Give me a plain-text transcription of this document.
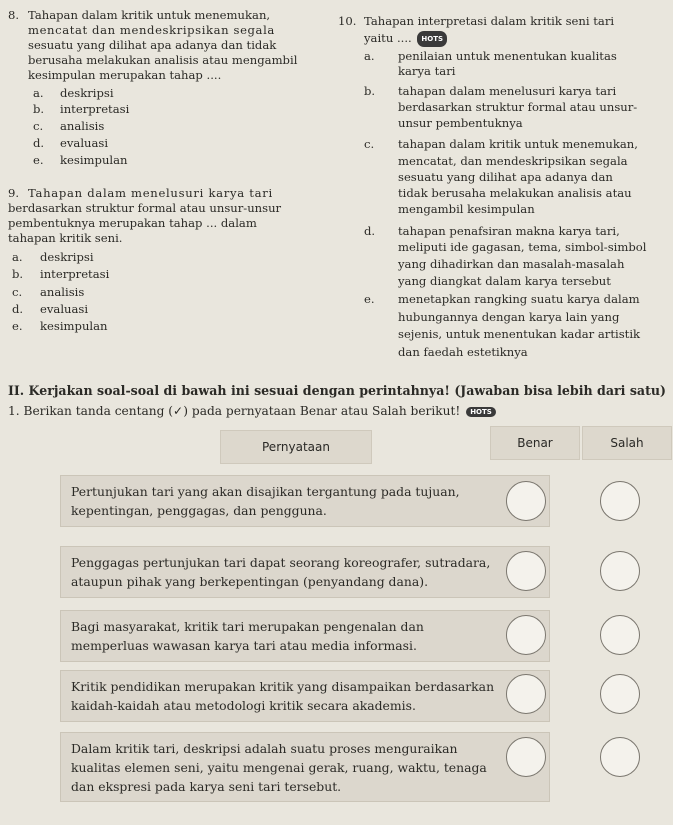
8. Tahapan dalam kritik untuk menemukan,
mencatat dan mendeskripsikan segala
sesuatu yang dilihat apa adanya dan tidak
berusaha melakukan analisis atau mengambil
kesimpulan merupakan tahap ....
a. deskripsi
b. interpretasi
c. analisis
d. evaluasi
e. kesimpulan
9. Tahapan dalam menelusuri karya tari
berdasarkan struktur formal atau unsur-unsur
pembentuknya merupakan tahap ... dalam
tahapan kritik seni.
a. deskripsi
b. interpretasi
c. analisis
d. evaluasi
e. kesimpulan
10. Tahapan interpretasi dalam kritik seni tari
yaitu .... HOTS
a. penilaian untuk menentukan kualitas
karya tari
b. tahapan dalam menelusuri karya tari
berdasarkan struktur formal atau unsur-
unsur pembentuknya
c. tahapan dalam kritik untuk menemukan,
mencatat, dan mendeskripsikan segala
sesuatu yang dilihat apa adanya dan
tidak berusaha melakukan analisis atau
mengambil kesimpulan
d. tahapan penafsiran makna karya tari,
meliputi ide gagasan, tema, simbol-simbol
yang dihadirkan dan masalah-masalah
yang diangkat dalam karya tersebut
e. menetapkan rangking suatu karya dalam
hubungannya dengan karya lain yang
sejenis, untuk menentukan kadar artistik
dan faedah estetiknya
II. Kerjakan soal-soal di bawah ini sesuai dengan perintahnya! (Jawaban bisa lebih dari satu)
1. Berikan tanda centang (✓) pada pernyataan Benar atau Salah berikut! HOTS
Pernyataan	Benar	Salah
Pertunjukan tari yang akan disajikan tergantung pada tujuan,
kepentingan, penggagas, dan pengguna.
Penggagas pertunjukan tari dapat seorang koreografer, sutradara,
ataupun pihak yang berkepentingan (penyandang dana).
Bagi masyarakat, kritik tari merupakan pengenalan dan
memperluas wawasan karya tari atau media informasi.
Kritik pendidikan merupakan kritik yang disampaikan berdasarkan
kaidah-kaidah atau metodologi kritik secara akademis.
Dalam kritik tari, deskripsi adalah suatu proses menguraikan
kualitas elemen seni, yaitu mengenai gerak, ruang, waktu, tenaga
dan ekspresi pada karya seni tari tersebut.
